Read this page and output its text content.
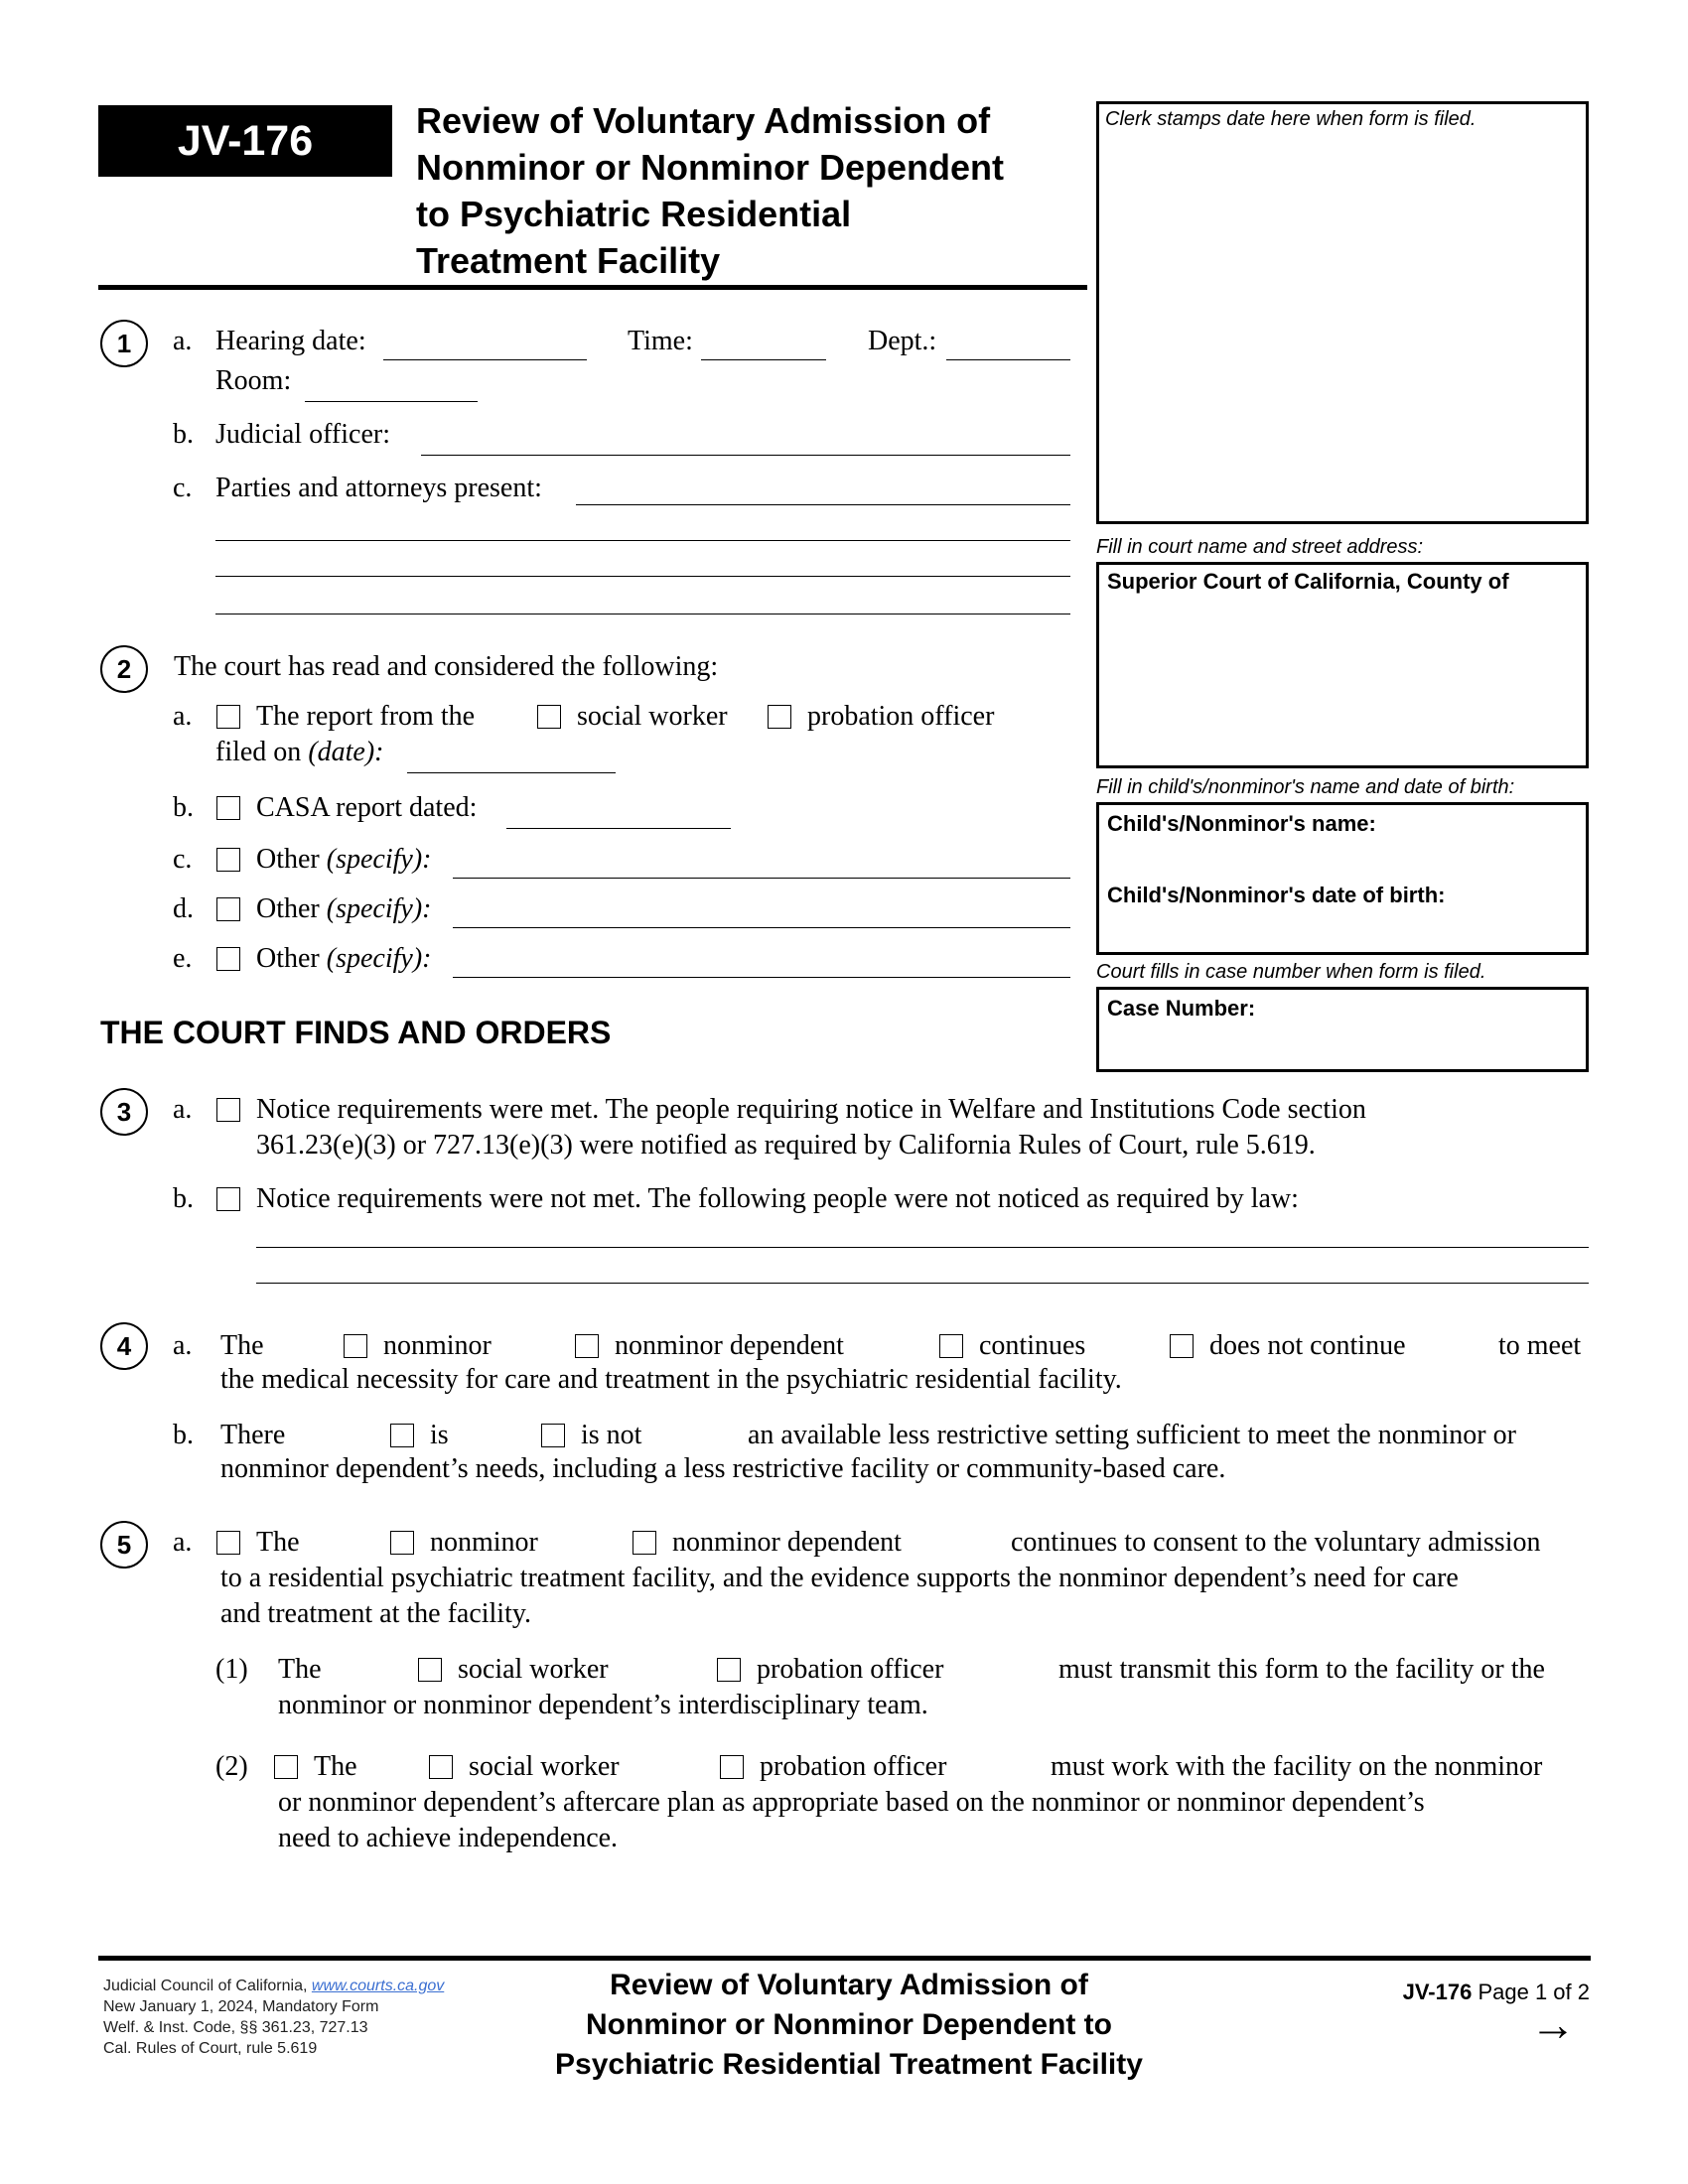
JV-176	Review of Voluntary Admission of
Nonminor or Nonminor Dependent
to Psychiatric Residential
Treatment Facility
Clerk stamps date here when form is filed.
Fill in court name and street address:
Superior Court of California, County of
Fill in child's/nonminor's name and date of birth:
Child's/Nonminor's name:
Child's/Nonminor's date of birth:
Court fills in case number when form is filed.
Case Number:
1	a. Hearing date:	Time:	Dept.:
Room:
b. Judicial officer:
c. Parties and attorneys present:
2	The court has read and considered the following:
a. The report from the	social worker	probation officer
filed on (date):
b. CASA report dated:
c. Other (specify):
d. Other (specify):
e. Other (specify):
THE COURT FINDS AND ORDERS
3	a. Notice requirements were met. The people requiring notice in Welfare and Institutions Code section
361.23(e)(3) or 727.13(e)(3) were notified as required by California Rules of Court, rule 5.619.
b. Notice requirements were not met. The following people were not noticed as required by law:
4	a. The	nonminor	nonminor dependent	continues	does not continue	to meet
the medical necessity for care and treatment in the psychiatric residential facility.
b. There	is	is not	an available less restrictive setting sufficient to meet the nonminor or
nonminor dependent’s needs, including a less restrictive facility or community-based care.
5	a. The	nonminor	nonminor dependent	continues to consent to the voluntary admission
to a residential psychiatric treatment facility, and the evidence supports the nonminor dependent’s need for care
and treatment at the facility.
(1) The	social worker	probation officer	must transmit this form to the facility or the
nonminor or nonminor dependent’s interdisciplinary team.
(2) The	social worker	probation officer	must work with the facility on the nonminor
or nonminor dependent’s aftercare plan as appropriate based on the nonminor or nonminor dependent’s
need to achieve independence.
Judicial Council of California, www.courts.ca.gov
New January 1, 2024, Mandatory Form
Welf. & Inst. Code, §§ 361.23, 727.13
Cal. Rules of Court, rule 5.619
Review of Voluntary Admission of
Nonminor or Nonminor Dependent to
Psychiatric Residential Treatment Facility
JV-176 Page 1 of 2
→
